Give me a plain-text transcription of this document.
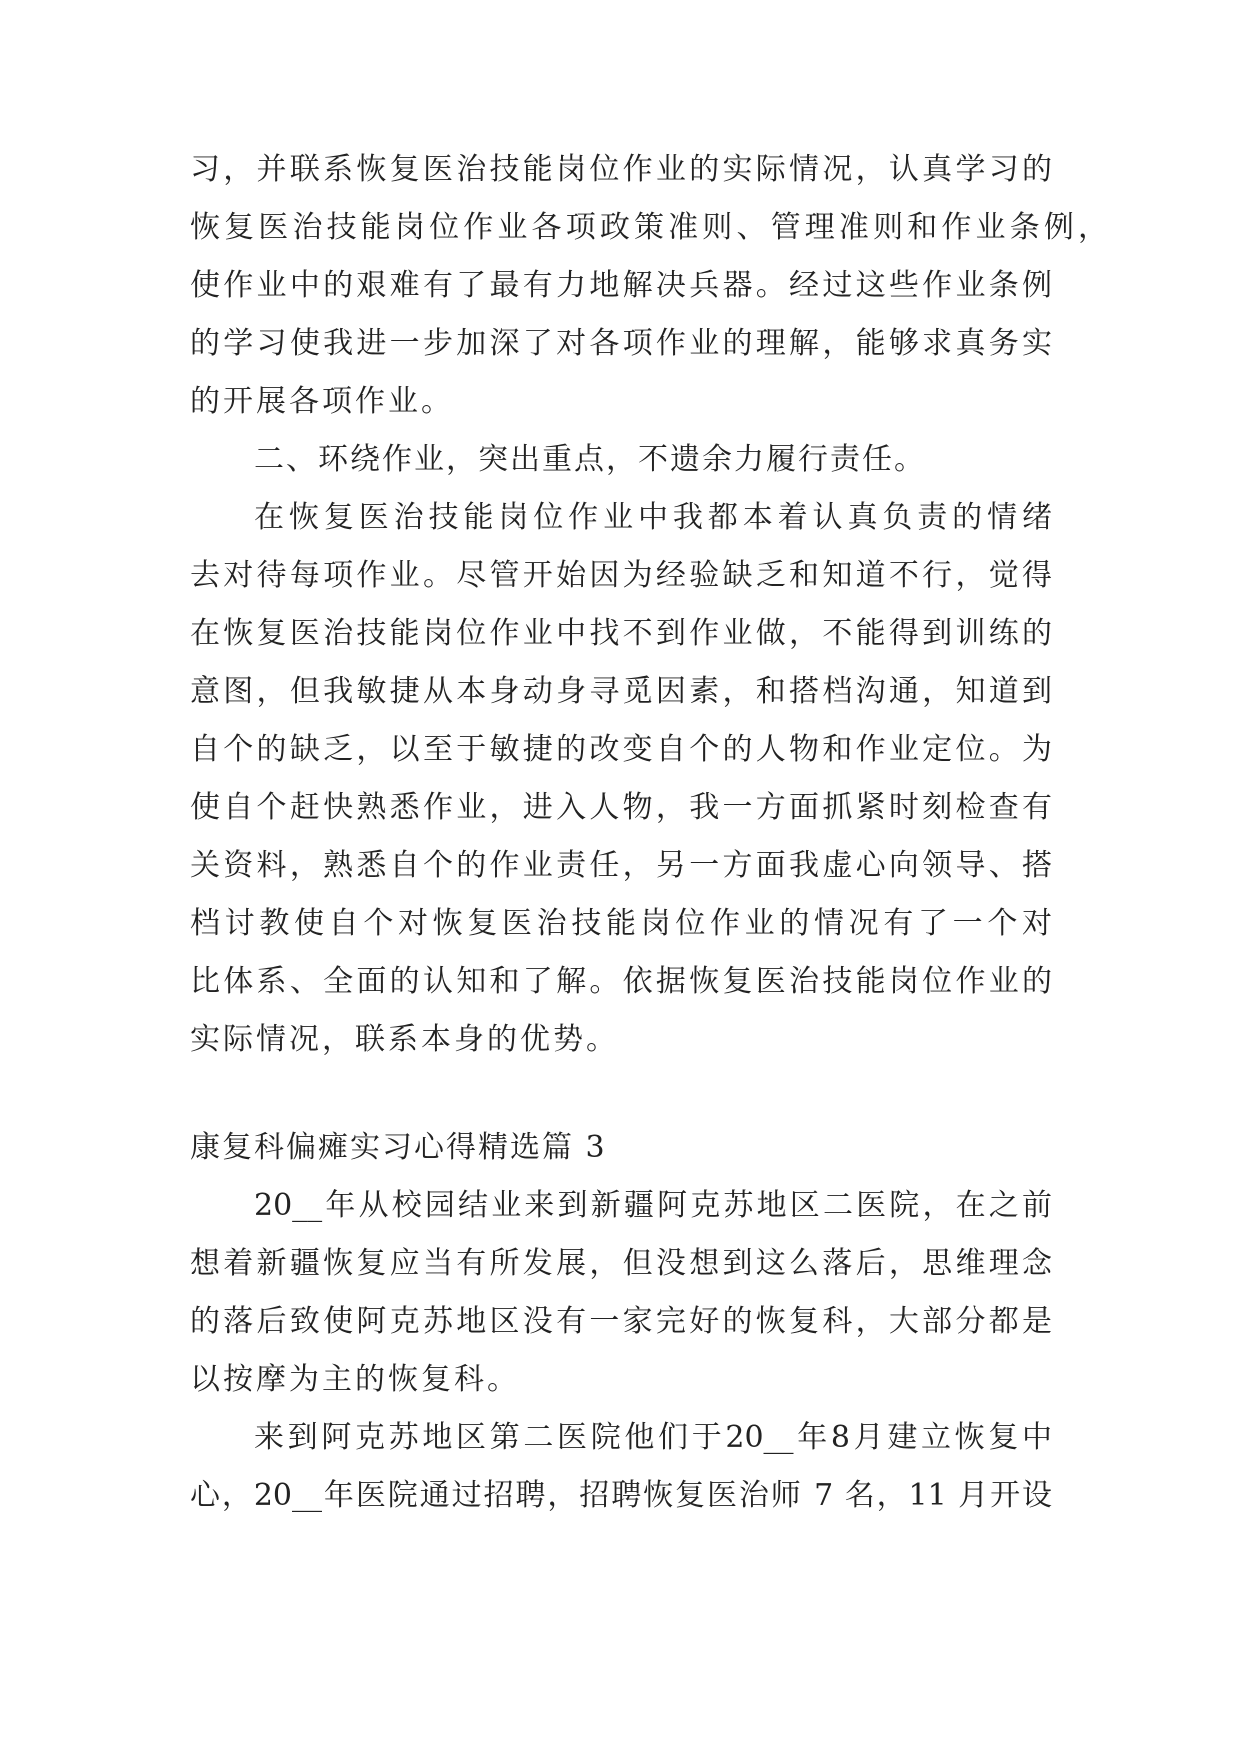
习，并联系恢复医治技能岗位作业的实际情况，认真学习的
恢复医治技能岗位作业各项政策准则、管理准则和作业条例，
使作业中的艰难有了最有力地解决兵器。经过这些作业条例
的学习使我进一步加深了对各项作业的理解，能够求真务实
的开展各项作业。
二、环绕作业，突出重点，不遗余力履行责任。
在恢复医治技能岗位作业中我都本着认真负责的情绪
去对待每项作业。尽管开始因为经验缺乏和知道不行，觉得
在恢复医治技能岗位作业中找不到作业做，不能得到训练的
意图，但我敏捷从本身动身寻觅因素，和搭档沟通，知道到
自个的缺乏，以至于敏捷的改变自个的人物和作业定位。为
使自个赶快熟悉作业，进入人物，我一方面抓紧时刻检查有
关资料，熟悉自个的作业责任，另一方面我虚心向领导、搭
档讨教使自个对恢复医治技能岗位作业的情况有了一个对
比体系、全面的认知和了解。依据恢复医治技能岗位作业的
实际情况，联系本身的优势。
康复科偏瘫实习心得精选篇 3
20__年从校园结业来到新疆阿克苏地区二医院，在之前
想着新疆恢复应当有所发展，但没想到这么落后，思维理念
的落后致使阿克苏地区没有一家完好的恢复科，大部分都是
以按摩为主的恢复科。
来到阿克苏地区第二医院他们于20__年8月建立恢复中
心，20__年医院通过招聘，招聘恢复医治师 7 名，11 月开设
